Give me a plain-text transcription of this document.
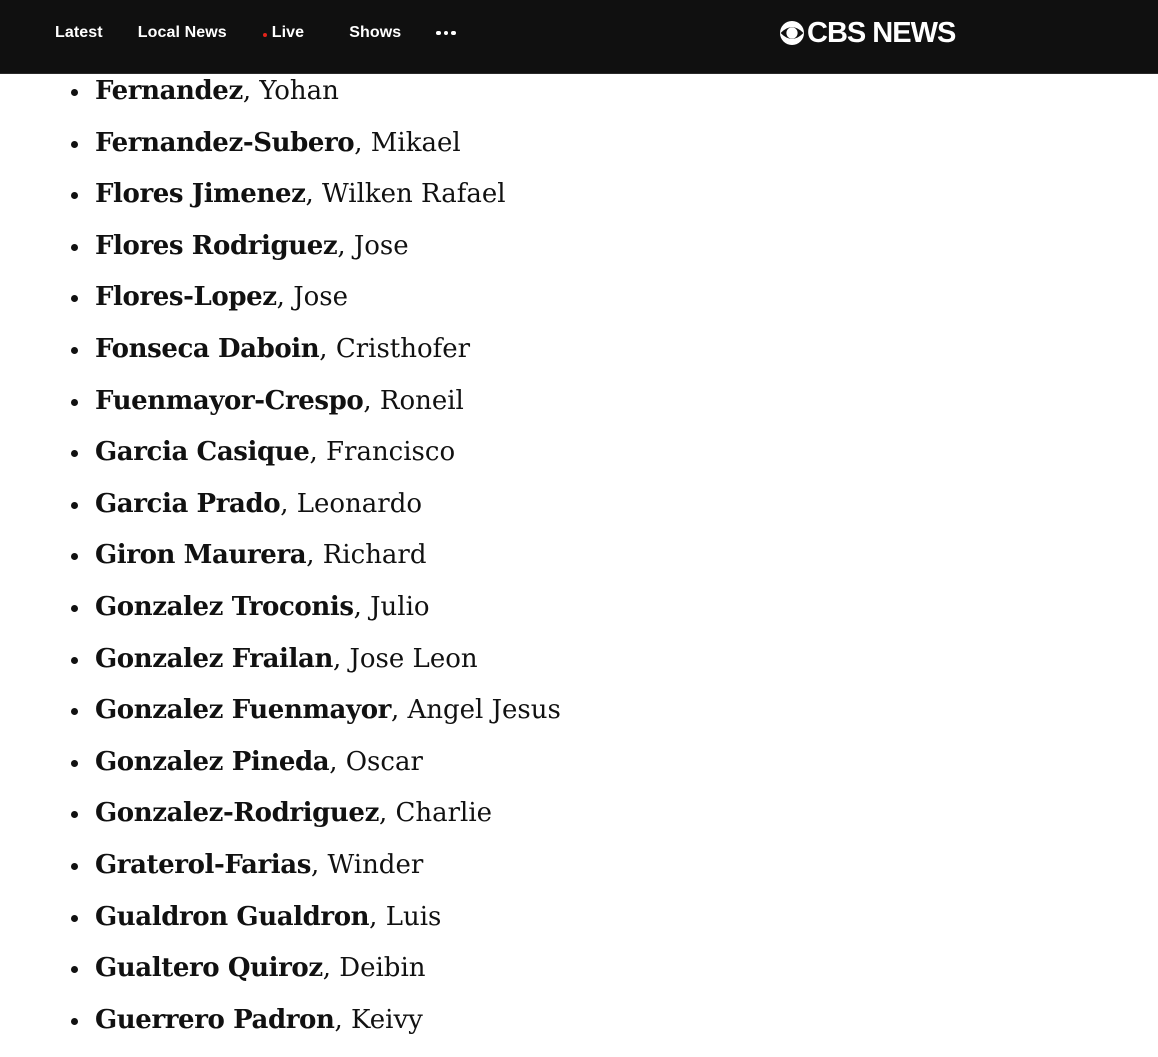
Latest Local News	Live	Shows	CBS NEWS
Fernandez, Yohan
Fernandez-Subero, Mikael
Flores Jimenez, Wilken Rafael
Flores Rodriguez, Jose
Flores-Lopez, Jose
Fonseca Daboin, Cristhofer
Fuenmayor-Crespo, Roneil
Garcia Casique, Francisco
Garcia Prado, Leonardo
Giron Maurera, Richard
Gonzalez Troconis, Julio
Gonzalez Frailan, Jose Leon
Gonzalez Fuenmayor, Angel Jesus
Gonzalez Pineda, Oscar
Gonzalez-Rodriguez, Charlie
Graterol-Farias, Winder
Gualdron Gualdron, Luis
Gualtero Quiroz, Deibin
Guerrero Padron, Keivy
